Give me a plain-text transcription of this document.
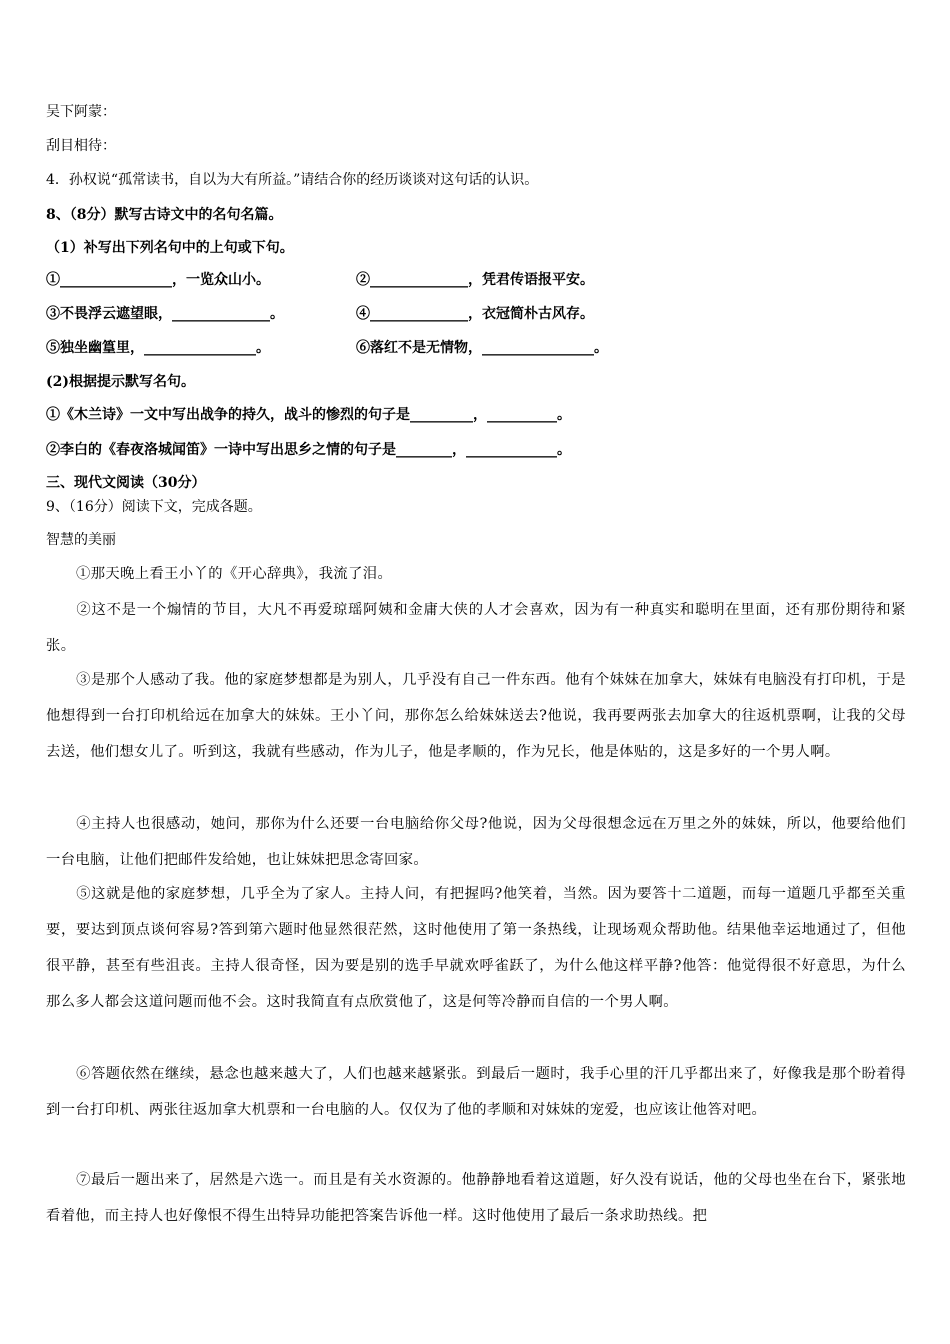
吴下阿蒙：
刮目相待：
4．孙权说“孤常读书，自以为大有所益。”请结合你的经历谈谈对这句话的认识。
8、（8分）默写古诗文中的名句名篇。
（1）补写出下列名句中的上句或下句。
①________________，一览众山小。	②______________，凭君传语报平安。
③不畏浮云遮望眼，______________。	④______________，衣冠简朴古风存。
⑤独坐幽篁里，________________。	⑥落红不是无情物，________________。
(2)根据提示默写名句。
①《木兰诗》一文中写出战争的持久，战斗的惨烈的句子是_________，__________。
②李白的《春夜洛城闻笛》一诗中写出思乡之情的句子是________，_____________。
三、现代文阅读（30分）
9、（16分）阅读下文，完成各题。
智慧的美丽
①那天晚上看王小丫的《开心辞典》，我流了泪。
②这不是一个煽情的节目，大凡不再爱琼瑶阿姨和金庸大侠的人才会喜欢，因为有一种真实和聪明在里面，还有那份期待和紧张。
③是那个人感动了我。他的家庭梦想都是为别人，几乎没有自己一件东西。他有个妹妹在加拿大，妹妹有电脑没有打印机，于是他想得到一台打印机给远在加拿大的妹妹。王小丫问，那你怎么给妹妹送去?他说，我再要两张去加拿大的往返机票啊，让我的父母去送，他们想女儿了。听到这，我就有些感动，作为儿子，他是孝顺的，作为兄长，他是体贴的，这是多好的一个男人啊。
④主持人也很感动，她问，那你为什么还要一台电脑给你父母?他说，因为父母很想念远在万里之外的妹妹，所以，他要给他们一台电脑，让他们把邮件发给她，也让妹妹把思念寄回家。
⑤这就是他的家庭梦想，几乎全为了家人。主持人问，有把握吗?他笑着，当然。因为要答十二道题，而每一道题几乎都至关重要，要达到顶点谈何容易?答到第六题时他显然很茫然，这时他使用了第一条热线，让现场观众帮助他。结果他幸运地通过了，但他很平静，甚至有些沮丧。主持人很奇怪，因为要是别的选手早就欢呼雀跃了，为什么他这样平静?他答：他觉得很不好意思，为什么那么多人都会这道问题而他不会。这时我简直有点欣赏他了，这是何等冷静而自信的一个男人啊。
⑥答题依然在继续，悬念也越来越大了，人们也越来越紧张。到最后一题时，我手心里的汗几乎都出来了，好像我是那个盼着得到一台打印机、两张往返加拿大机票和一台电脑的人。仅仅为了他的孝顺和对妹妹的宠爱，也应该让他答对吧。
⑦最后一题出来了，居然是六选一。而且是有关水资源的。他静静地看着这道题，好久没有说话，他的父母也坐在台下，紧张地看着他，而主持人也好像恨不得生出特异功能把答案告诉他一样。这时他使用了最后一条求助热线。把
